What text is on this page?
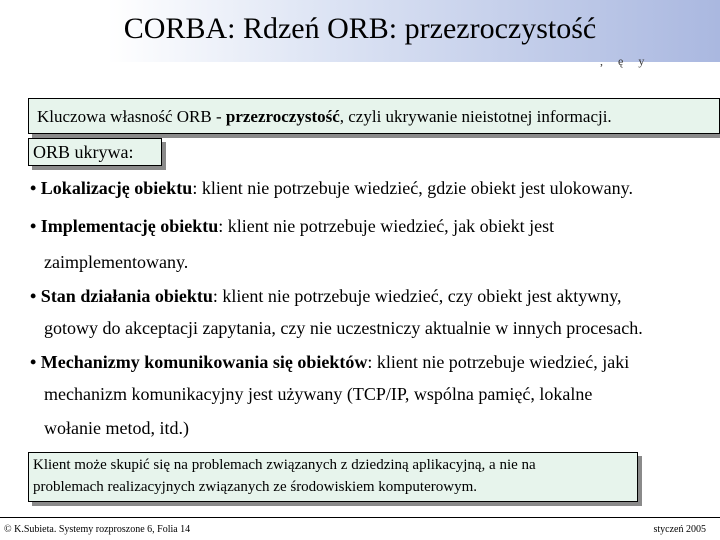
CORBA: Rdzeń ORB: przezroczystość
, ę y
Kluczowa własność ORB - przezroczystość, czyli ukrywanie nieistotnej informacji.
ORB ukrywa:
• Lokalizację obiektu: klient nie potrzebuje wiedzieć, gdzie obiekt jest ulokowany.
• Implementację obiektu: klient nie potrzebuje wiedzieć, jak obiekt jest
zaimplementowany.
• Stan działania obiektu: klient nie potrzebuje wiedzieć, czy obiekt jest aktywny,
gotowy do akceptacji zapytania, czy nie uczestniczy aktualnie w innych procesach.
• Mechanizmy komunikowania się obiektów: klient nie potrzebuje wiedzieć, jaki
mechanizm komunikacyjny jest używany (TCP/IP, wspólna pamięć, lokalne
wołanie metod, itd.)
Klient może skupić się na problemach związanych z dziedziną aplikacyjną, a nie na
problemach realizacyjnych związanych ze środowiskiem komputerowym.
© K.Subieta. Systemy rozproszone 6, Folia 14	styczeń 2005
